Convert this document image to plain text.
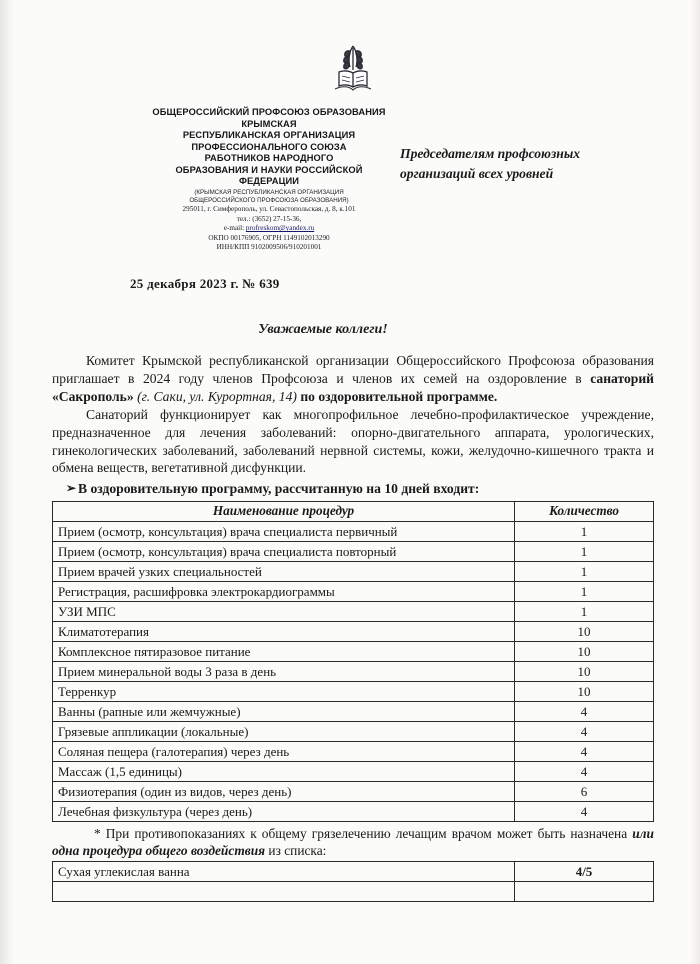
ОБЩЕРОССИЙСКИЙ ПРОФСОЮЗ ОБРАЗОВАНИЯ
КРЫМСКАЯ
РЕСПУБЛИКАНСКАЯ ОРГАНИЗАЦИЯ
ПРОФЕССИОНАЛЬНОГО СОЮЗА
РАБОТНИКОВ НАРОДНОГО
ОБРАЗОВАНИЯ И НАУКИ РОССИЙСКОЙ
ФЕДЕРАЦИИ
(КРЫМСКАЯ РЕСПУБЛИКАНСКАЯ ОРГАНИЗАЦИЯ
ОБЩЕРОССИЙСКОГО ПРОФСОЮЗА ОБРАЗОВАНИЯ)
295011, г. Симферополь, ул. Севастопольская, д. 8, к.101
тел.: (3652) 27-15-36,
e-mail: profreskom@yandex.ru
ОКПО 00176905, ОГРН 1149102013290
ИНН/КПП 9102009506/910201001
Председателям профсоюзных
организаций всех уровней
25 декабря 2023 г. № 639
Уважаемые коллеги!

Комитет Крымской республиканской организации Общероссийского Профсоюза образования приглашает в 2024 году членов Профсоюза и членов их семей на оздоровление в санаторий «Сакрополь» (г. Саки, ул. Курортная, 14) по оздоровительной программе.

Санаторий функционирует как многопрофильное лечебно-профилактическое учреждение, предназначенное для лечения заболеваний: опорно-двигательного аппарата, урологических, гинекологических заболеваний, заболеваний нервной системы, кожи, желудочно-кишечного тракта и обмена веществ, вегетативной дисфункции.

➢ В оздоровительную программу, рассчитанную на 10 дней входит:
Наименование процедур	Количество
Прием (осмотр, консультация) врача специалиста первичный	1
Прием (осмотр, консультация) врача специалиста повторный	1
Прием врачей узких специальностей	1
Регистрация, расшифровка электрокардиограммы	1
УЗИ МПС	1
Климатотерапия	10
Комплексное пятиразовое питание	10
Прием минеральной воды 3 раза в день	10
Терренкур	10
Ванны (рапные или жемчужные)	4
Грязевые аппликации (локальные)	4
Соляная пещера (галотерапия) через день	4
Массаж (1,5 единицы)	4
Физиотерапия (один из видов, через день)	6
Лечебная физкультура (через день)	4
* При противопоказаниях к общему грязелечению лечащим врачом может быть назначена или одна процедура общего воздействия из списка:
Сухая углекислая ванна	4/5
